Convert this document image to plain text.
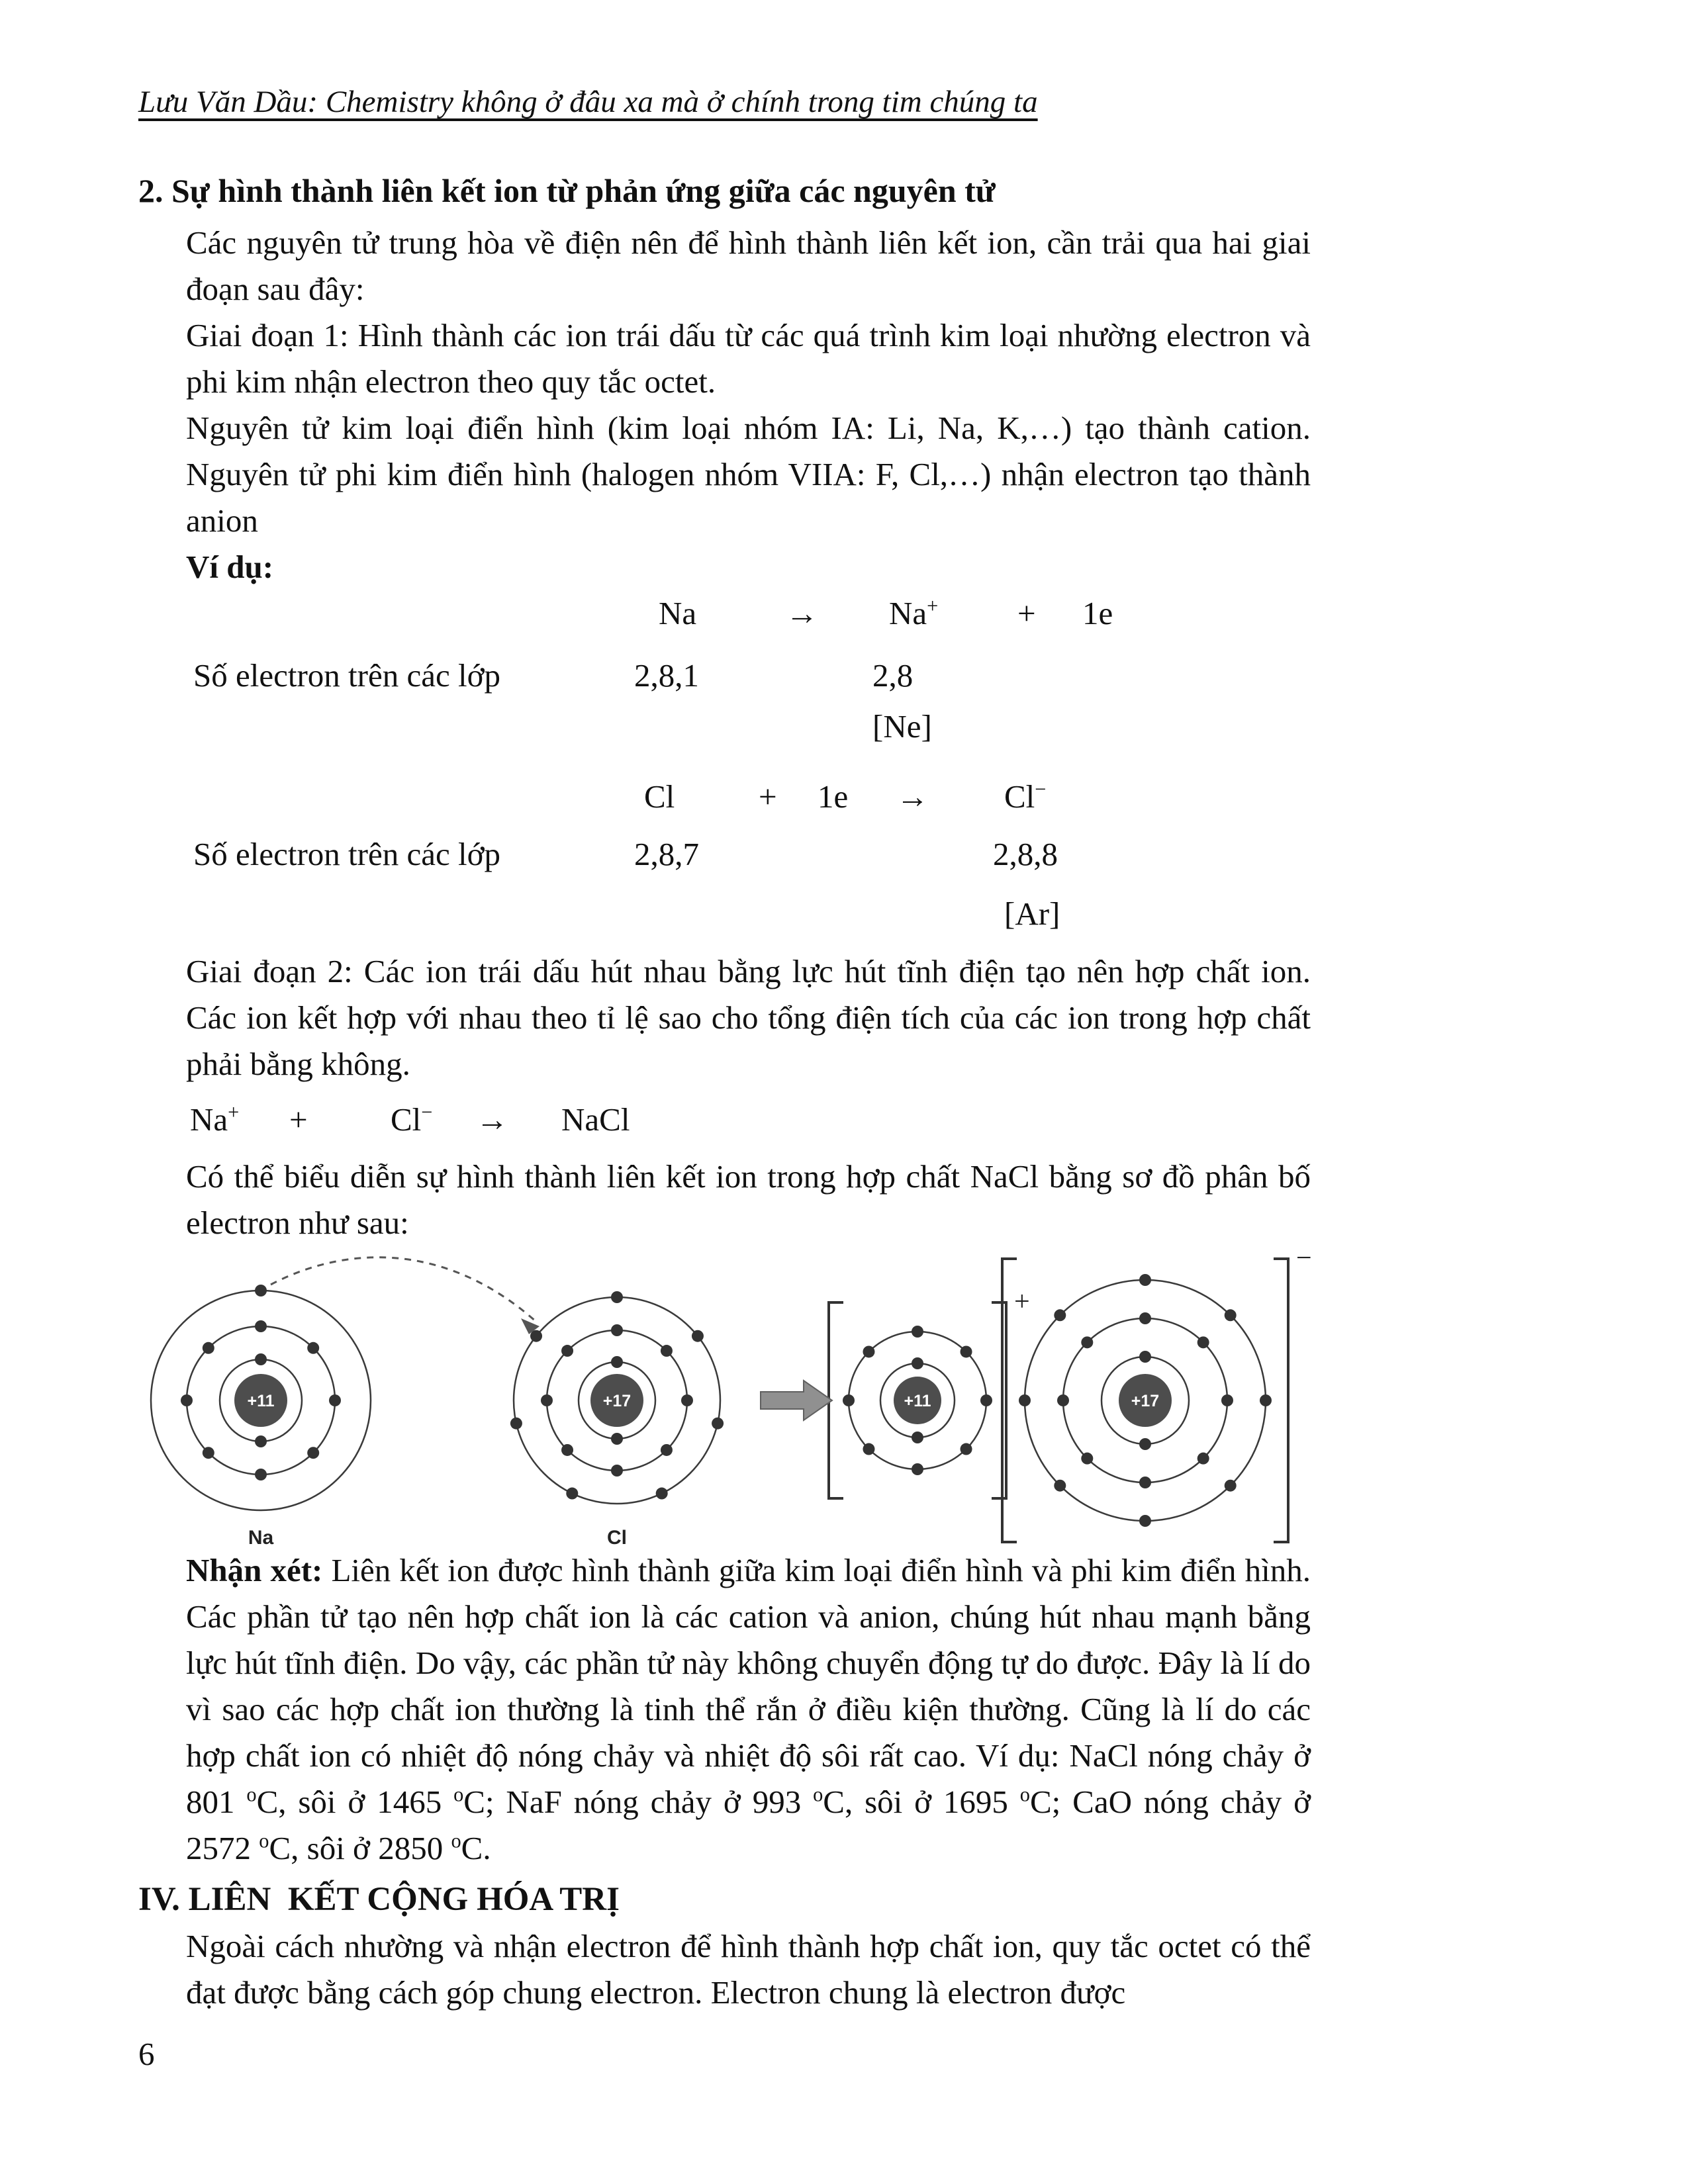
Lưu Văn Dầu: Chemistry không ở đâu xa mà ở chính trong tim chúng ta
2. Sự hình thành liên kết ion từ phản ứng giữa các nguyên tử

Các nguyên tử trung hòa về điện nên để hình thành liên kết ion, cần trải qua hai giai đoạn sau đây:

Giai đoạn 1: Hình thành các ion trái dấu từ các quá trình kim loại nhường electron và phi kim nhận electron theo quy tắc octet.

Nguyên tử kim loại điển hình (kim loại nhóm IA: Li, Na, K,…) tạo thành cation. Nguyên tử phi kim điển hình (halogen nhóm VIIA: F, Cl,…) nhận electron tạo thành anion

Ví dụ:

Na	→ Na+ + 1e
Số electron trên các lớp	2,8,1	2,8
[Ne]
Cl	+ 1e → Cl−
Số electron trên các lớp	2,8,7	2,8,8
[Ar]

Giai đoạn 2: Các ion trái dấu hút nhau bằng lực hút tĩnh điện tạo nên hợp chất ion. Các ion kết hợp với nhau theo tỉ lệ sao cho tổng điện tích của các ion trong hợp chất phải bằng không.

Na+ +	Cl− → NaCl

Có thể biểu diễn sự hình thành liên kết ion trong hợp chất NaCl bằng sơ đồ phân bố electron như sau:

+11
Na
+17
Cl
+11
+
+17
−

Nhận xét: Liên kết ion được hình thành giữa kim loại điển hình và phi kim điển hình. Các phần tử tạo nên hợp chất ion là các cation và anion, chúng hút nhau mạnh bằng lực hút tĩnh điện. Do vậy, các phần tử này không chuyển động tự do được. Đây là lí do vì sao các hợp chất ion thường là tinh thể rắn ở điều kiện thường. Cũng là lí do các hợp chất ion có nhiệt độ nóng chảy và nhiệt độ sôi rất cao. Ví dụ: NaCl nóng chảy ở 801 $^o$C, sôi ở 1465 $^o$C; NaF nóng chảy ở 993 $^o$C, sôi ở 1695 $^o$C; CaO nóng chảy ở 2572 $^o$C, sôi ở 2850 $^o$C.

IV. LIÊN  KẾT CỘNG HÓA TRỊ

Ngoài cách nhường và nhận electron để hình thành hợp chất ion, quy tắc octet có thể đạt được bằng cách góp chung electron. Electron chung là electron được

6
